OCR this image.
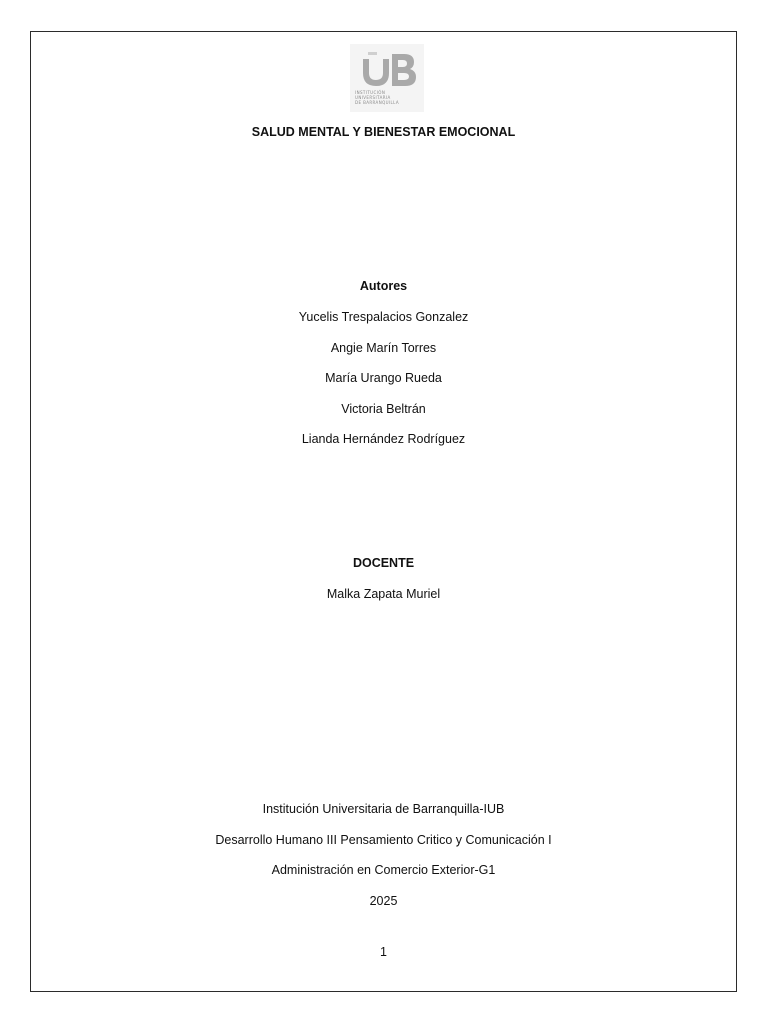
INSTITUCIÓN
UNIVERSITARIA
DE BARRANQUILLA
SALUD MENTAL Y BIENESTAR EMOCIONAL
Autores
Yucelis Trespalacios Gonzalez
Angie Marín Torres
María Urango Rueda
Victoria Beltrán
Lianda Hernández Rodríguez
DOCENTE
Malka Zapata Muriel
Institución Universitaria de Barranquilla-IUB
Desarrollo Humano III Pensamiento Critico y Comunicación I
Administración en Comercio Exterior-G1
2025
1
